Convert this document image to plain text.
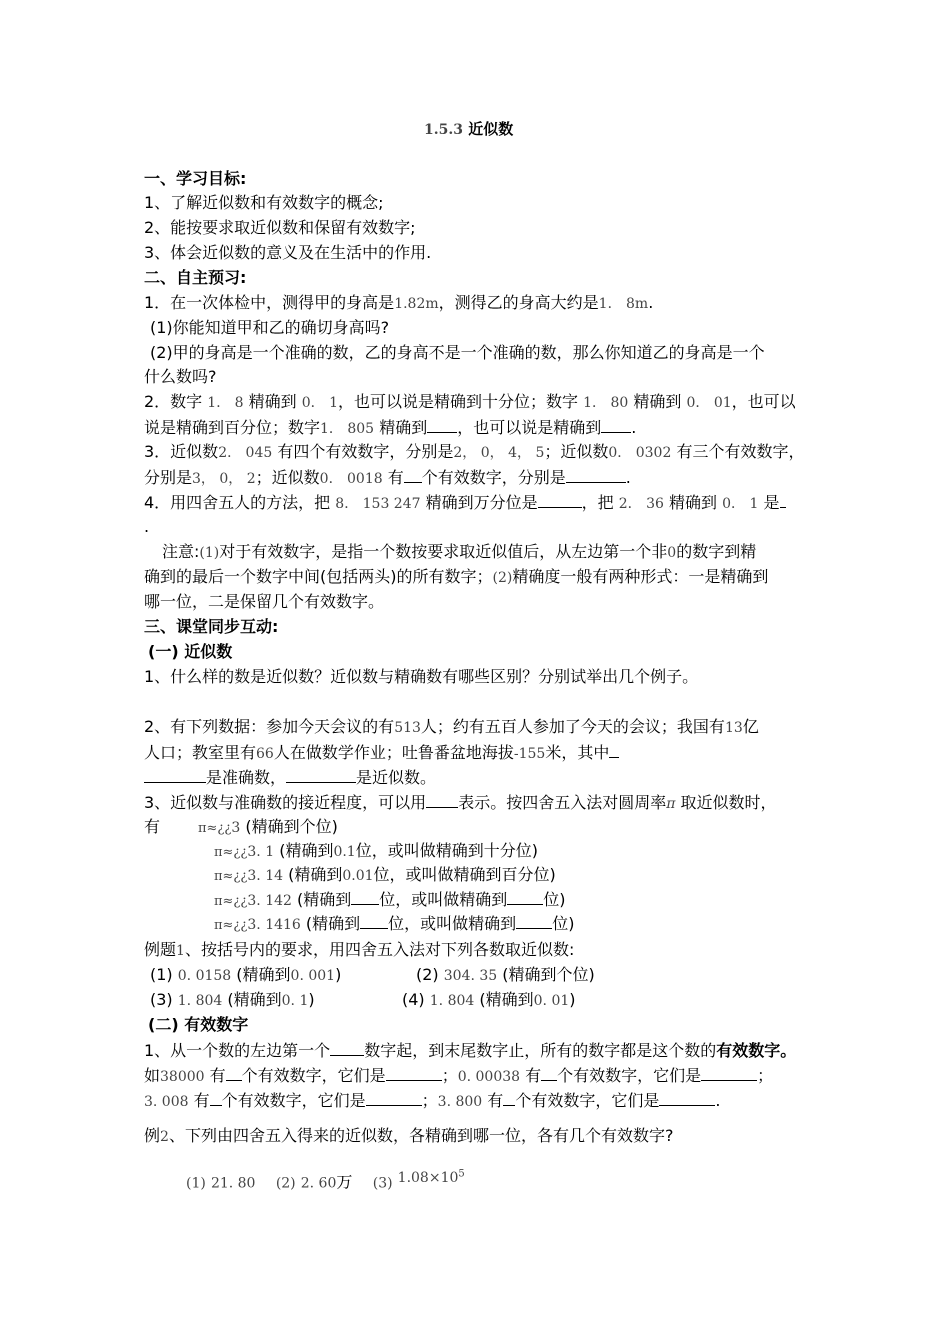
1.5.3 近似数
一、学习目标:
1、了解近似数和有效数字的概念;
2、能按要求取近似数和保留有效数字;
3、体会近似数的意义及在生活中的作用.
二、自主预习:
1．在一次体检中，测得甲的身高是1.82m，测得乙的身高大约是1． 8m.
(1)你能知道甲和乙的确切身高吗?
(2)甲的身高是一个准确的数，乙的身高不是一个准确的数，那么你知道乙的身高是一个
什么数吗?
2．数字 1． 8 精确到 0． 1，也可以说是精确到十分位；数字 1． 80 精确到 0． 01，也可以
说是精确到百分位；数字1． 805 精确到 ，也可以说是精确到 .
3．近似数2． 045 有四个有效数字，分别是2， 0， 4， 5；近似数0． 0302 有三个有效数字，
分别是3， 0， 2；近似数0． 0018 有 个有效数字，分别是	.
4．用四舍五人的方法，把 8． 153 247 精确到万分位是	，把 2． 36 精确到 0． 1 是
.
注意:(1)对于有效数字，是指一个数按要求取近似值后，从左边第一个非0的数字到精
确到的最后一个数字中间(包括两头)的所有数字；(2)精确度一般有两种形式：一是精确到
哪一位，二是保留几个有效数字。
三、课堂同步互动:
(一) 近似数
1、什么样的数是近似数？近似数与精确数有哪些区别？分别试举出几个例子。
2、有下列数据：参加今天会议的有513人；约有五百人参加了今天的会议；我国有13亿
人口；教室里有66人在做数学作业；吐鲁番盆地海拔-155米，其中
是准确数，	是近似数。
3、近似数与准确数的接近程度，可以用 表示。按四舍五入法对圆周率π 取近似数时，
有	π≈¿¿3 (精确到个位)
π≈¿¿3. 1 (精确到0.1位，或叫做精确到十分位)
π≈¿¿3. 14 (精确到0.01位，或叫做精确到百分位)
π≈¿¿3. 142 (精确到 位，或叫做精确到 位)
π≈¿¿3. 1416 (精确到 位，或叫做精确到 位)
例题1、按括号内的要求，用四舍五入法对下列各数取近似数:
(1) 0. 0158 (精确到0. 001)	(2) 304. 35 (精确到个位)
(3) 1. 804 (精确到0. 1)	(4) 1. 804 (精确到0. 01)
(二) 有效数字
1、从一个数的左边第一个 数字起，到末尾数字止，所有的数字都是这个数的有效数字。
如38000 有 个有效数字，它们是	；0. 00038 有 个有效数字，它们是	；
3. 008 有 个有效数字，它们是	；3. 800 有 个有效数字，它们是	.
例2、下列由四舍五入得来的近似数，各精确到哪一位，各有几个有效数字?
(1) 21. 80 (2) 2. 60万 (3) $1.08\times 10^5$
